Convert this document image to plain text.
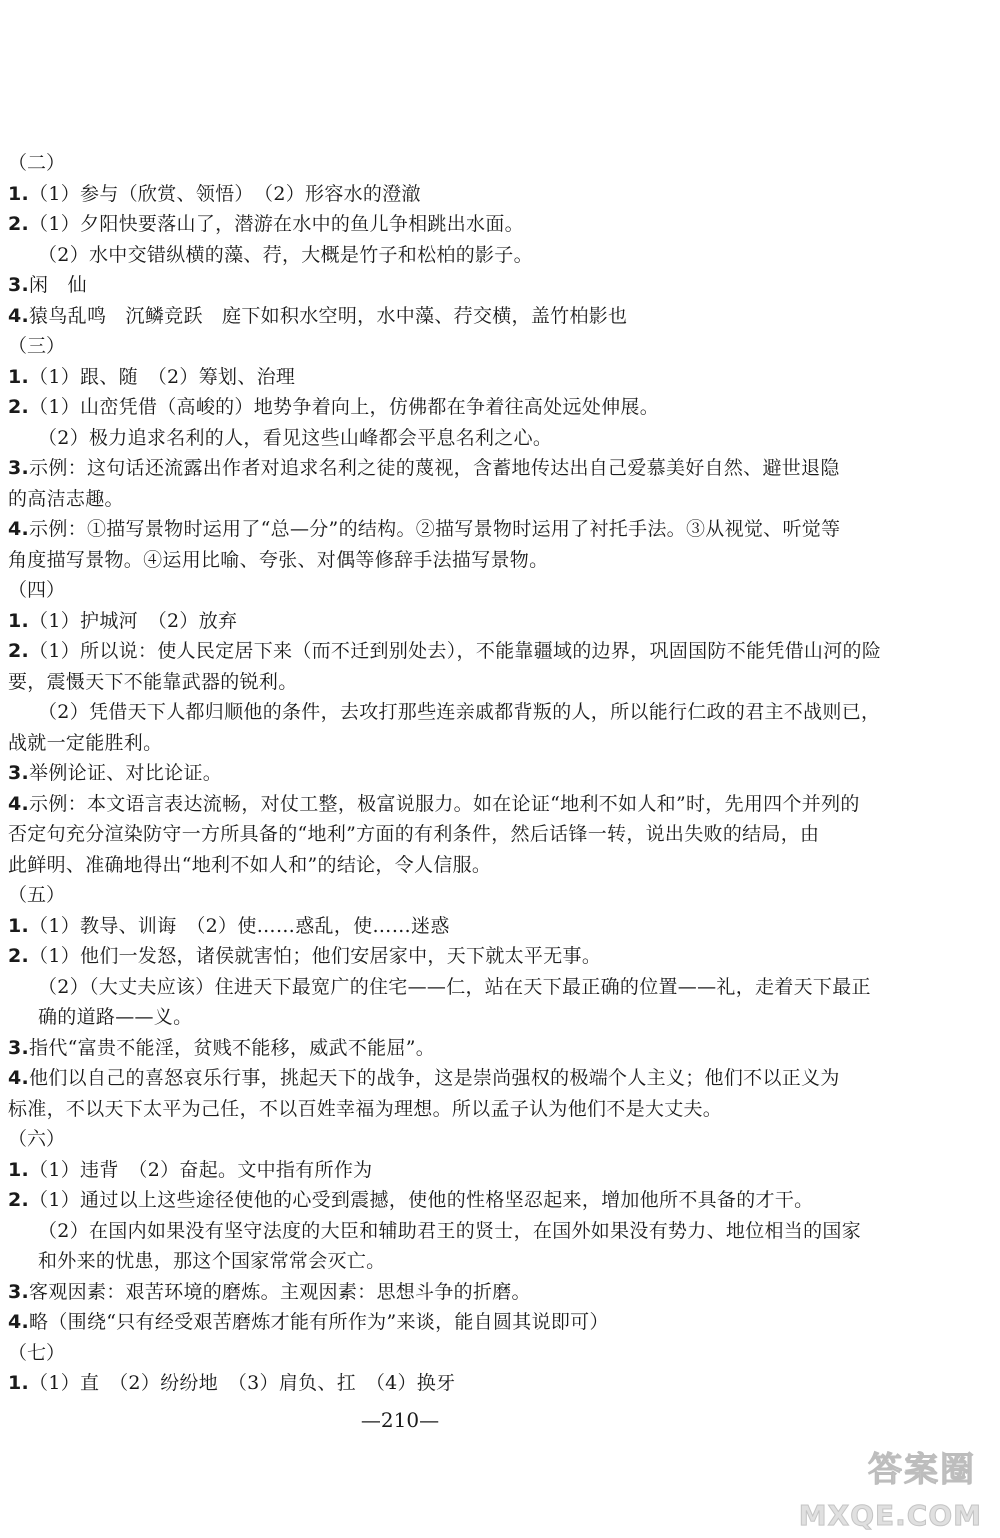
（二）
1.（1）参与（欣赏、领悟）　（2）形容水的澄澈
2.（1）夕阳快要落山了，潜游在水中的鱼儿争相跳出水面。
（2）水中交错纵横的藻、荇，大概是竹子和松柏的影子。
3.闲　仙
4.猿鸟乱鸣　沉鳞竞跃　庭下如积水空明，水中藻、荇交横，盖竹柏影也
（三）
1.（1）跟、随　（2）筹划、治理
2.（1）山峦凭借（高峻的）地势争着向上，仿佛都在争着往高处远处伸展。
（2）极力追求名利的人，看见这些山峰都会平息名利之心。
3.示例：这句话还流露出作者对追求名利之徒的蔑视，含蓄地传达出自己爱慕美好自然、避世退隐
的高洁志趣。
4.示例：①描写景物时运用了“总—分”的结构。②描写景物时运用了衬托手法。③从视觉、听觉等
角度描写景物。④运用比喻、夸张、对偶等修辞手法描写景物。
（四）
1.（1）护城河　（2）放弃
2.（1）所以说：使人民定居下来（而不迁到别处去），不能靠疆域的边界，巩固国防不能凭借山河的险
要，震慑天下不能靠武器的锐利。
（2）凭借天下人都归顺他的条件，去攻打那些连亲戚都背叛的人，所以能行仁政的君主不战则已，
战就一定能胜利。
3.举例论证、对比论证。
4.示例：本文语言表达流畅，对仗工整，极富说服力。如在论证“地利不如人和”时，先用四个并列的
否定句充分渲染防守一方所具备的“地利”方面的有利条件，然后话锋一转，说出失败的结局，由
此鲜明、准确地得出“地利不如人和”的结论，令人信服。
（五）
1.（1）教导、训诲　（2）使……惑乱，使……迷惑
2.（1）他们一发怒，诸侯就害怕；他们安居家中，天下就太平无事。
（2）（大丈夫应该）住进天下最宽广的住宅——仁，站在天下最正确的位置——礼，走着天下最正
确的道路——义。
3.指代“富贵不能淫，贫贱不能移，威武不能屈”。
4.他们以自己的喜怒哀乐行事，挑起天下的战争，这是崇尚强权的极端个人主义；他们不以正义为
标准，不以天下太平为己任，不以百姓幸福为理想。所以孟子认为他们不是大丈夫。
（六）
1.（1）违背　（2）奋起。文中指有所作为
2.（1）通过以上这些途径使他的心受到震撼，使他的性格坚忍起来，增加他所不具备的才干。
（2）在国内如果没有坚守法度的大臣和辅助君王的贤士，在国外如果没有势力、地位相当的国家
和外来的忧患，那这个国家常常会灭亡。
3.客观因素：艰苦环境的磨炼。主观因素：思想斗争的折磨。
4.略（围绕“只有经受艰苦磨炼才能有所作为”来谈，能自圆其说即可）
（七）
1.（1）直　（2）纷纷地　（3）肩负、扛　（4）换牙
—210—
答案圈
MXQE.COM
